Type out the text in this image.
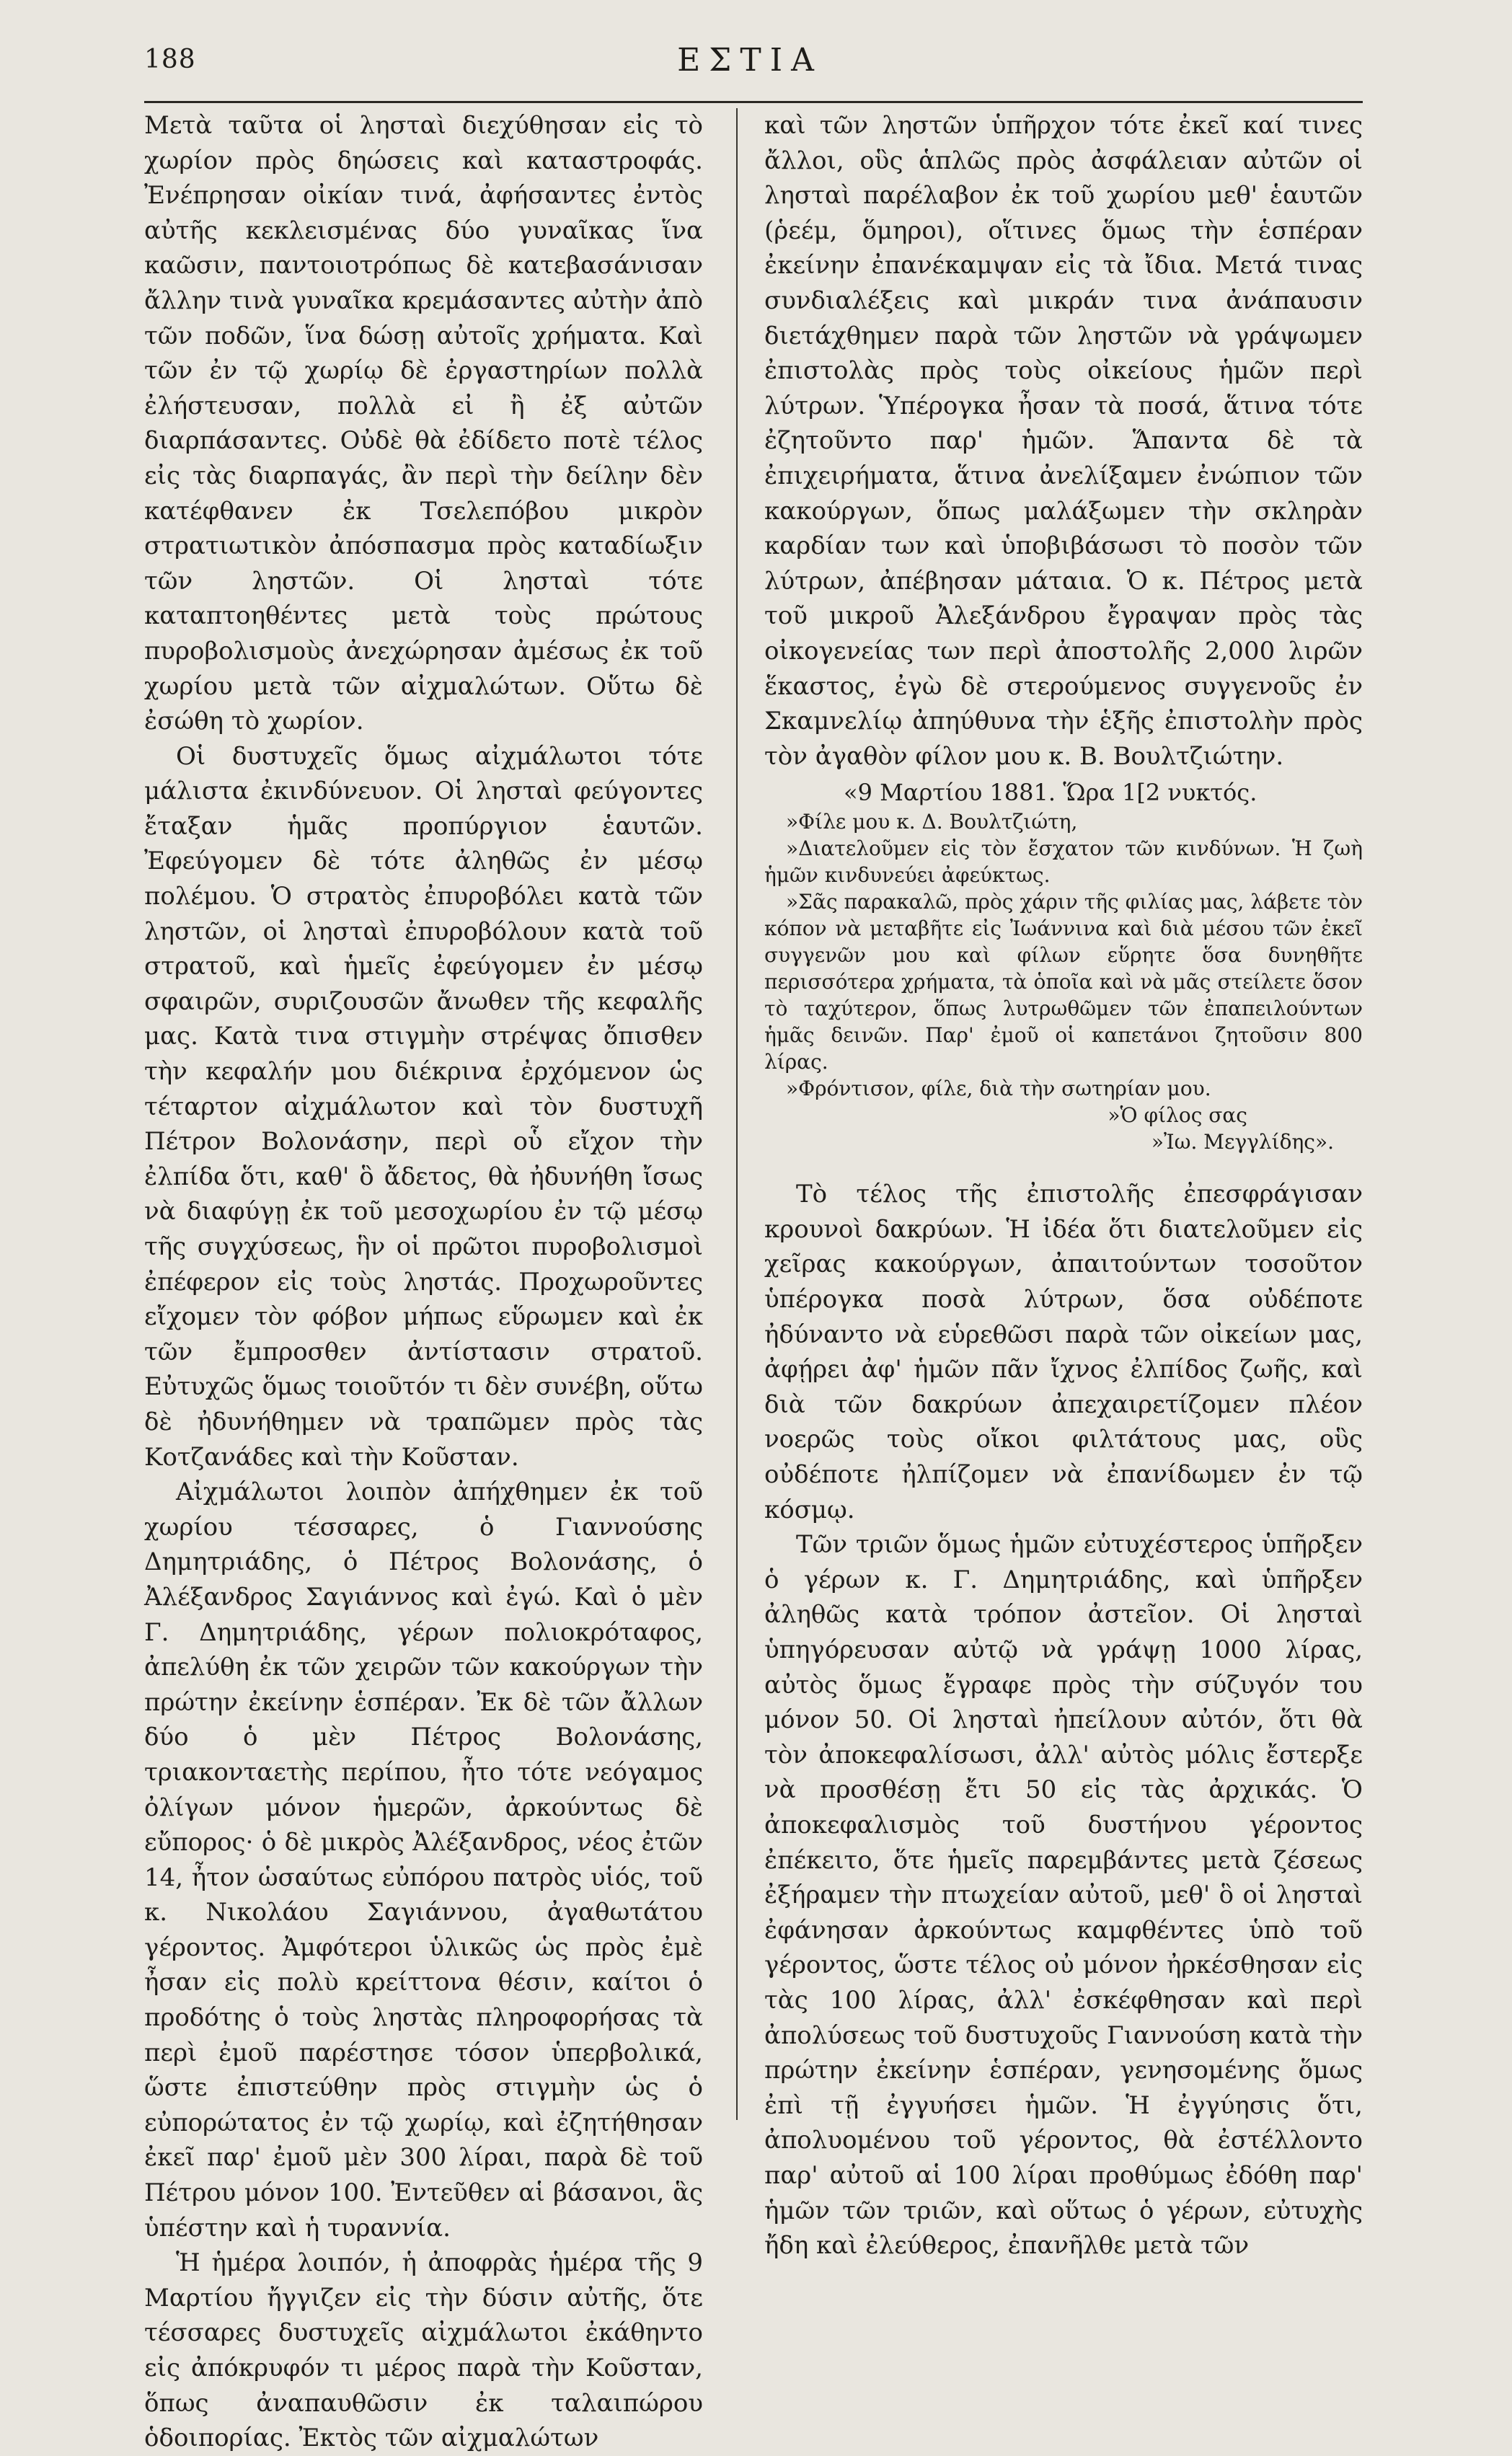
188	ΕΣΤΙΑ

Μετὰ ταῦτα οἱ λησταὶ διεχύθησαν εἰς τὸ χωρίον πρὸς δηώσεις καὶ καταστροφάς. Ἐνέπρησαν οἰκίαν τινά, ἀφήσαντες ἐντὸς αὐτῆς κεκλεισμένας δύο γυναῖκας ἵνα καῶσιν, παντοιοτρόπως δὲ κατεβασάνισαν ἄλλην τινὰ γυναῖκα κρεμάσαντες αὐτὴν ἀπὸ τῶν ποδῶν, ἵνα δώσῃ αὐτοῖς χρήματα. Καὶ τῶν ἐν τῷ χωρίῳ δὲ ἐργαστηρίων πολλὰ ἐλήστευσαν, πολλὰ εἰ ἢ ἐξ αὐτῶν διαρπάσαντες. Οὐδὲ θὰ ἐδίδετο ποτὲ τέλος εἰς τὰς διαρπαγάς, ἂν περὶ τὴν δείλην δὲν κατέφθανεν ἐκ Τσελεπόβου μικρὸν στρατιωτικὸν ἀπόσπασμα πρὸς καταδίωξιν τῶν ληστῶν. Οἱ λησταὶ τότε καταπτοηθέντες μετὰ τοὺς πρώτους πυροβολισμοὺς ἀνεχώρησαν ἀμέσως ἐκ τοῦ χωρίου μετὰ τῶν αἰχμαλώτων. Οὕτω δὲ ἐσώθη τὸ χωρίον.

Οἱ δυστυχεῖς ὅμως αἰχμάλωτοι τότε μάλιστα ἐκινδύνευον. Οἱ λησταὶ φεύγοντες ἔταξαν ἡμᾶς προπύργιον ἑαυτῶν. Ἐφεύγομεν δὲ τότε ἀληθῶς ἐν μέσῳ πολέμου. Ὁ στρατὸς ἐπυροβόλει κατὰ τῶν ληστῶν, οἱ λησταὶ ἐπυροβόλουν κατὰ τοῦ στρατοῦ, καὶ ἡμεῖς ἐφεύγομεν ἐν μέσῳ σφαιρῶν, συριζουσῶν ἄνωθεν τῆς κεφαλῆς μας. Κατὰ τινα στιγμὴν στρέψας ὄπισθεν τὴν κεφαλήν μου διέκρινα ἐρχόμενον ὡς τέταρτον αἰχμάλωτον καὶ τὸν δυστυχῆ Πέτρον Βολονάσην, περὶ οὗ εἴχον τὴν ἐλπίδα ὅτι, καθ' ὃ ἄδετος, θὰ ἠδυνήθη ἴσως νὰ διαφύγῃ ἐκ τοῦ μεσοχωρίου ἐν τῷ μέσῳ τῆς συγχύσεως, ἣν οἱ πρῶτοι πυροβολισμοὶ ἐπέφερον εἰς τοὺς ληστάς. Προχωροῦντες εἴχομεν τὸν φόβον μήπως εὕρωμεν καὶ ἐκ τῶν ἔμπροσθεν ἀντίστασιν στρατοῦ. Εὐτυχῶς ὅμως τοιοῦτόν τι δὲν συνέβη, οὕτω δὲ ἠδυνήθημεν νὰ τραπῶμεν πρὸς τὰς Κοτζανάδες καὶ τὴν Κοῦσταν.

Αἰχμάλωτοι λοιπὸν ἀπήχθημεν ἐκ τοῦ χωρίου τέσσαρες, ὁ Γιαννούσης Δημητριάδης, ὁ Πέτρος Βολονάσης, ὁ Ἀλέξανδρος Σαγιάννος καὶ ἐγώ. Καὶ ὁ μὲν Γ. Δημητριάδης, γέρων πολιοκρόταφος, ἀπελύθη ἐκ τῶν χειρῶν τῶν κακούργων τὴν πρώτην ἐκείνην ἑσπέραν. Ἐκ δὲ τῶν ἄλλων δύο ὁ μὲν Πέτρος Βολονάσης, τριακονταετὴς περίπου, ἦτο τότε νεόγαμος ὀλίγων μόνον ἡμερῶν, ἀρκούντως δὲ εὔπορος· ὁ δὲ μικρὸς Ἀλέξανδρος, νέος ἐτῶν 14, ἦτον ὡσαύτως εὐπόρου πατρὸς υἱός, τοῦ κ. Νικολάου Σαγιάννου, ἀγαθωτάτου γέροντος. Ἀμφότεροι ὑλικῶς ὡς πρὸς ἐμὲ ἦσαν εἰς πολὺ κρείττονα θέσιν, καίτοι ὁ προδότης ὁ τοὺς ληστὰς πληροφορήσας τὰ περὶ ἐμοῦ παρέστησε τόσον ὑπερβολικά, ὥστε ἐπιστεύθην πρὸς στιγμὴν ὡς ὁ εὐπορώτατος ἐν τῷ χωρίῳ, καὶ ἐζητήθησαν ἐκεῖ παρ' ἐμοῦ μὲν 300 λίραι, παρὰ δὲ τοῦ Πέτρου μόνον 100. Ἐντεῦθεν αἱ βάσανοι, ἃς ὑπέστην καὶ ἡ τυραννία.

Ἡ ἡμέρα λοιπόν, ἡ ἀποφρὰς ἡμέρα τῆς 9 Μαρτίου ἤγγιζεν εἰς τὴν δύσιν αὐτῆς, ὅτε τέσσαρες δυστυχεῖς αἰχμάλωτοι ἐκάθηντο εἰς ἀπόκρυφόν τι μέρος παρὰ τὴν Κοῦσταν, ὅπως ἀναπαυθῶσιν ἐκ ταλαιπώρου ὁδοιπορίας. Ἐκτὸς τῶν αἰχμαλώτων

καὶ τῶν ληστῶν ὑπῆρχον τότε ἐκεῖ καί τινες ἄλλοι, οὓς ἁπλῶς πρὸς ἀσφάλειαν αὐτῶν οἱ λησταὶ παρέλαβον ἐκ τοῦ χωρίου μεθ' ἑαυτῶν (ῥεέμ, ὅμηροι), οἵτινες ὅμως τὴν ἑσπέραν ἐκείνην ἐπανέκαμψαν εἰς τὰ ἴδια. Μετά τινας συνδιαλέξεις καὶ μικράν τινα ἀνάπαυσιν διετάχθημεν παρὰ τῶν ληστῶν νὰ γράψωμεν ἐπιστολὰς πρὸς τοὺς οἰκείους ἡμῶν περὶ λύτρων. Ὑπέρογκα ἦσαν τὰ ποσά, ἅτινα τότε ἐζητοῦντο παρ' ἡμῶν. Ἅπαντα δὲ τὰ ἐπιχειρήματα, ἅτινα ἀνελίξαμεν ἐνώπιον τῶν κακούργων, ὅπως μαλάξωμεν τὴν σκληρὰν καρδίαν των καὶ ὑποβιβάσωσι τὸ ποσὸν τῶν λύτρων, ἀπέβησαν μάταια. Ὁ κ. Πέτρος μετὰ τοῦ μικροῦ Ἀλεξάνδρου ἔγραψαν πρὸς τὰς οἰκογενείας των περὶ ἀποστολῆς 2,000 λιρῶν ἕκαστος, ἐγὼ δὲ στερούμενος συγγενοῦς ἐν Σκαμνελίῳ ἀπηύθυνα τὴν ἑξῆς ἐπιστολὴν πρὸς τὸν ἀγαθὸν φίλον μου κ. Β. Βουλτζιώτην.

«9 Μαρτίου 1881. Ὥρα 1[2 νυκτός.

»Φίλε μου κ. Δ. Βουλτζιώτη,

»Διατελοῦμεν εἰς τὸν ἔσχατον τῶν κινδύνων. Ἡ ζωὴ ἡμῶν κινδυνεύει ἀφεύκτως.

»Σᾶς παρακαλῶ, πρὸς χάριν τῆς φιλίας μας, λάβετε τὸν κόπον νὰ μεταβῆτε εἰς Ἰωάννινα καὶ διὰ μέσου τῶν ἐκεῖ συγγενῶν μου καὶ φίλων εὕρητε ὅσα δυνηθῆτε περισσότερα χρήματα, τὰ ὁποῖα καὶ νὰ μᾶς στείλετε ὅσον τὸ ταχύτερον, ὅπως λυτρωθῶμεν τῶν ἐπαπειλούντων ἡμᾶς δεινῶν. Παρ' ἐμοῦ οἱ καπετάνοι ζητοῦσιν 800 λίρας.

»Φρόντισον, φίλε, διὰ τὴν σωτηρίαν μου.

»Ὁ φίλος σας

»Ἰω. Μεγγλίδης».

Τὸ τέλος τῆς ἐπιστολῆς ἐπεσφράγισαν κρουνοὶ δακρύων. Ἡ ἰδέα ὅτι διατελοῦμεν εἰς χεῖρας κακούργων, ἀπαιτούντων τοσοῦτον ὑπέρογκα ποσὰ λύτρων, ὅσα οὐδέποτε ἠδύναντο νὰ εὑρεθῶσι παρὰ τῶν οἰκείων μας, ἀφῄρει ἀφ' ἡμῶν πᾶν ἴχνος ἐλπίδος ζωῆς, καὶ διὰ τῶν δακρύων ἀπεχαιρετίζομεν πλέον νοερῶς τοὺς οἴκοι φιλτάτους μας, οὓς οὐδέποτε ἠλπίζομεν νὰ ἐπανίδωμεν ἐν τῷ κόσμῳ.

Τῶν τριῶν ὅμως ἡμῶν εὐτυχέστερος ὑπῆρξεν ὁ γέρων κ. Γ. Δημητριάδης, καὶ ὑπῆρξεν ἀληθῶς κατὰ τρόπον ἀστεῖον. Οἱ λησταὶ ὑπηγόρευσαν αὐτῷ νὰ γράψῃ 1000 λίρας, αὐτὸς ὅμως ἔγραφε πρὸς τὴν σύζυγόν του μόνον 50. Οἱ λησταὶ ἠπείλουν αὐτόν, ὅτι θὰ τὸν ἀποκεφαλίσωσι, ἀλλ' αὐτὸς μόλις ἔστερξε νὰ προσθέσῃ ἔτι 50 εἰς τὰς ἀρχικάς. Ὁ ἀποκεφαλισμὸς τοῦ δυστήνου γέροντος ἐπέκειτο, ὅτε ἡμεῖς παρεμβάντες μετὰ ζέσεως ἐξήραμεν τὴν πτωχείαν αὐτοῦ, μεθ' ὃ οἱ λησταὶ ἐφάνησαν ἀρκούντως καμφθέντες ὑπὸ τοῦ γέροντος, ὥστε τέλος οὐ μόνον ἠρκέσθησαν εἰς τὰς 100 λίρας, ἀλλ' ἐσκέφθησαν καὶ περὶ ἀπολύσεως τοῦ δυστυχοῦς Γιαννούση κατὰ τὴν πρώτην ἐκείνην ἑσπέραν, γενησομένης ὅμως ἐπὶ τῇ ἐγγυήσει ἡμῶν. Ἡ ἐγγύησις ὅτι, ἀπολυομένου τοῦ γέροντος, θὰ ἐστέλλοντο παρ' αὐτοῦ αἱ 100 λίραι προθύμως ἐδόθη παρ' ἡμῶν τῶν τριῶν, καὶ οὕτως ὁ γέρων, εὐτυχὴς ἤδη καὶ ἐλεύθερος, ἐπανῆλθε μετὰ τῶν
